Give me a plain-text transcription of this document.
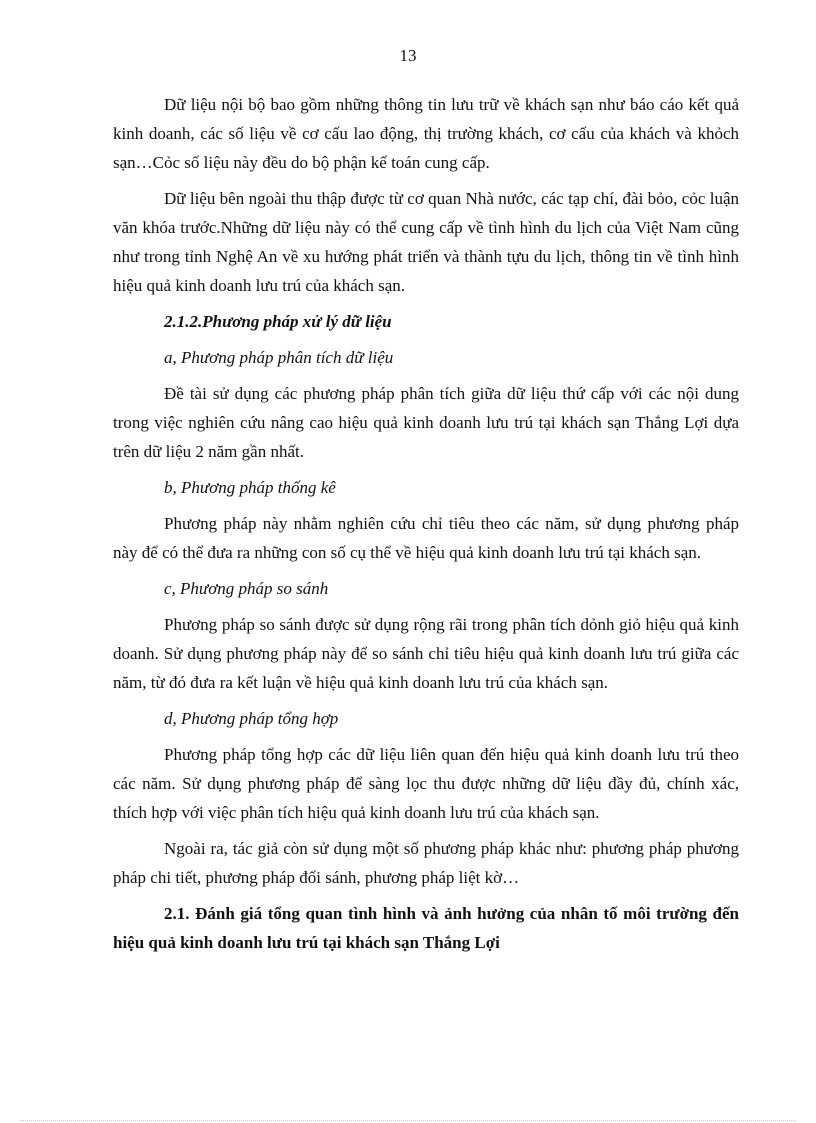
13

Dữ liệu nội bộ bao gồm những thông tin lưu trữ về khách sạn như báo cáo kết quả kinh doanh, các số liệu về cơ cấu lao động, thị trường khách, cơ cấu của khách và khỏch sạn…Cỏc số liệu này đều do bộ phận kế toán cung cấp.

Dữ liệu bên ngoài thu thập được từ cơ quan Nhà nước, các tạp chí, đài bỏo, cỏc luận văn khóa trước.Những dữ liệu này có thể cung cấp về tình hình du lịch của Việt Nam cũng như trong tỉnh Nghệ An về xu hướng phát triển và thành tựu du lịch, thông tin về tình hình hiệu quả kinh doanh lưu trú của khách sạn.

2.1.2.Phương pháp xử lý dữ liệu
a, Phương pháp phân tích dữ liệu

Đề tài sử dụng các phương pháp phân tích giữa dữ liệu thứ cấp với các nội dung trong việc nghiên cứu nâng cao hiệu quả kinh doanh lưu trú tại khách sạn Thắng Lợi dựa trên dữ liệu 2 năm gần nhất.

b, Phương pháp thống kê

Phương pháp này nhằm nghiên cứu chỉ tiêu theo các năm, sử dụng phương pháp này để có thể đưa ra những con số cụ thể về hiệu quả kinh doanh lưu trú tại khách sạn.

c, Phương pháp so sánh

Phương pháp so sánh được sử dụng rộng rãi trong phân tích dỏnh giỏ hiệu quả kinh doanh. Sử dụng phương pháp này để so sánh chỉ tiêu hiệu quả kinh doanh lưu trú giữa các năm, từ đó đưa ra kết luận về hiệu quả kinh doanh lưu trú của khách sạn.

d, Phương pháp tổng hợp

Phương pháp tổng hợp các dữ liệu liên quan đến hiệu quả kinh doanh lưu trú theo các năm. Sử dụng phương pháp để sàng lọc thu được những dữ liệu đầy đủ, chính xác, thích hợp với việc phân tích hiệu quả kinh doanh lưu trú của khách sạn.

Ngoài ra, tác giả còn sử dụng một số phương pháp khác như: phương pháp phương pháp chi tiết, phương pháp đối sánh, phương pháp liệt kờ…

2.1. Đánh giá tổng quan tình hình và ảnh hưởng của nhân tố môi trường đến hiệu quả kinh doanh lưu trú tại khách sạn Thắng Lợi
